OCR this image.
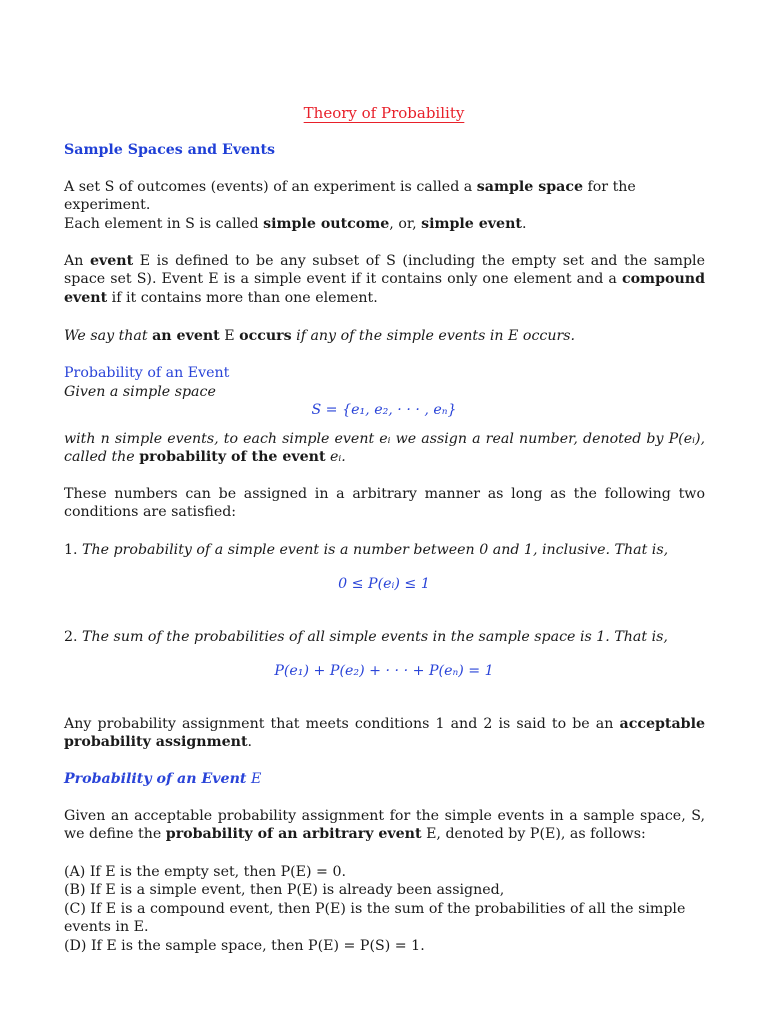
Theory of Probability
Sample Spaces and Events

A set S of outcomes (events) of an experiment is called a sample space for the experiment.

Each element in S is called simple outcome, or, simple event.

An event E is defined to be any subset of S (including the empty set and the sample space set S). Event E is a simple event if it contains only one element and a compound event if it contains more than one element.

We say that an event E occurs if any of the simple events in E occurs.

Probability of an Event
Given a simple space
S = {e₁, e₂, · · · , eₙ}

with n simple events, to each simple event eᵢ we assign a real number, denoted by P(eᵢ), called the probability of the event eᵢ.

These numbers can be assigned in a arbitrary manner as long as the following two conditions are satisfied:

1. The probability of a simple event is a number between 0 and 1, inclusive. That is,

0 ≤ P(eᵢ) ≤ 1

2. The sum of the probabilities of all simple events in the sample space is 1. That is,

P(e₁) + P(e₂) + · · · + P(eₙ) = 1

Any probability assignment that meets conditions 1 and 2 is said to be an acceptable probability assignment.

Probability of an Event E

Given an acceptable probability assignment for the simple events in a sample space, S, we define the probability of an arbitrary event E, denoted by P(E), as follows:

(A) If E is the empty set, then P(E) = 0.
(B) If E is a simple event, then P(E) is already been assigned,
(C) If E is a compound event, then P(E) is the sum of the probabilities of all the simple events in E.
(D) If E is the sample space, then P(E) = P(S) = 1.
